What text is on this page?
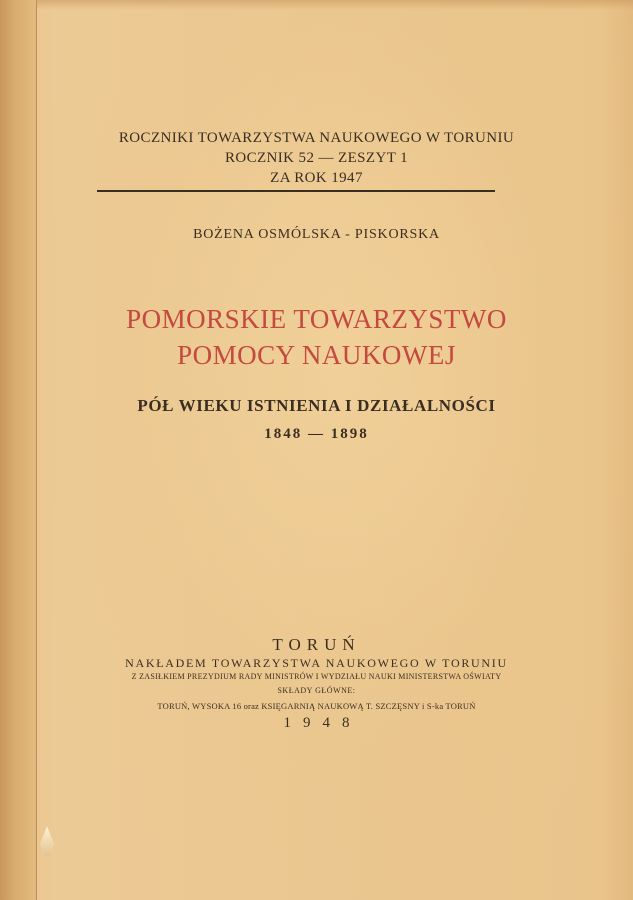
ROCZNIKI TOWARZYSTWA NAUKOWEGO W TORUNIU
ROCZNIK 52 — ZESZYT 1
ZA ROK 1947
BOŻENA OSMÓLSKA - PISKORSKA
POMORSKIE TOWARZYSTWO
POMOCY NAUKOWEJ
PÓŁ WIEKU ISTNIENIA I DZIAŁALNOŚCI
1848 — 1898
TORUŃ
NAKŁADEM TOWARZYSTWA NAUKOWEGO W TORUNIU
Z ZASIŁKIEM PREZYDIUM RADY MINISTRÓW I WYDZIAŁU NAUKI MINISTERSTWA OŚWIATY
SKŁADY GŁÓWNE:
TORUŃ, WYSOKA 16 oraz KSIĘGARNIĄ NAUKOWĄ T. SZCZĘSNY i S-ka TORUŃ
1948
